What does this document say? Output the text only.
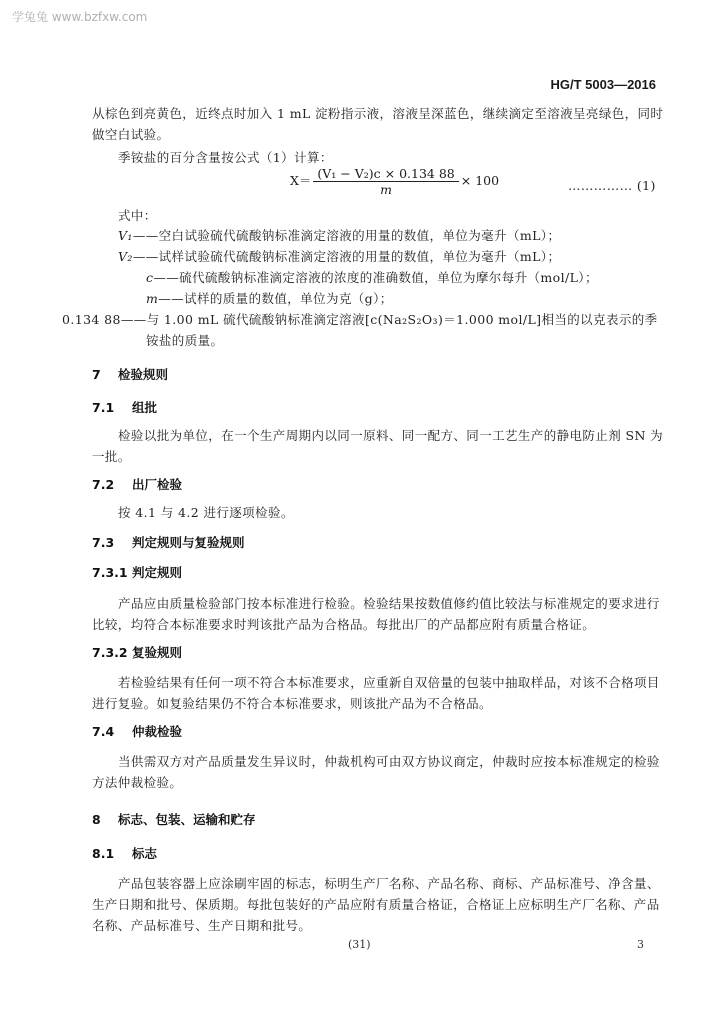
学兔兔 www.bzfxw.com
HG/T 5003—2016
从棕色到亮黄色，近终点时加入 1 mL 淀粉指示液，溶液呈深蓝色，继续滴定至溶液呈亮绿色，同时
做空白试验。
季铵盐的百分含量按公式（1）计算：
$X= \frac{\text{(V₁ − V₂)c × 0.134 88}}{m} \times 100$	…………… (1)
式中：
V₁——空白试验硫代硫酸钠标准滴定溶液的用量的数值，单位为毫升（mL）；
V₂——试样试验硫代硫酸钠标准滴定溶液的用量的数值，单位为毫升（mL）；
c——硫代硫酸钠标准滴定溶液的浓度的准确数值，单位为摩尔每升（mol/L）；
m——试样的质量的数值，单位为克（g）；
0.134 88——与 1.00 mL 硫代硫酸钠标准滴定溶液[c(Na₂S₂O₃)＝1.000 mol/L]相当的以克表示的季
铵盐的质量。
7 检验规则
7.1 组批
检验以批为单位，在一个生产周期内以同一原料、同一配方、同一工艺生产的静电防止剂 SN 为
一批。
7.2 出厂检验
按 4.1 与 4.2 进行逐项检验。
7.3 判定规则与复验规则
7.3.1 判定规则
产品应由质量检验部门按本标准进行检验。检验结果按数值修约值比较法与标准规定的要求进行
比较，均符合本标准要求时判该批产品为合格品。每批出厂的产品都应附有质量合格证。
7.3.2 复验规则
若检验结果有任何一项不符合本标准要求，应重新自双倍量的包装中抽取样品，对该不合格项目
进行复验。如复验结果仍不符合本标准要求，则该批产品为不合格品。
7.4 仲裁检验
当供需双方对产品质量发生异议时，仲裁机构可由双方协议商定，仲裁时应按本标准规定的检验
方法仲裁检验。
8 标志、包装、运输和贮存
8.1 标志
产品包装容器上应涂刷牢固的标志，标明生产厂名称、产品名称、商标、产品标准号、净含量、
生产日期和批号、保质期。每批包装好的产品应附有质量合格证，合格证上应标明生产厂名称、产品
名称、产品标准号、生产日期和批号。
(31)	3
